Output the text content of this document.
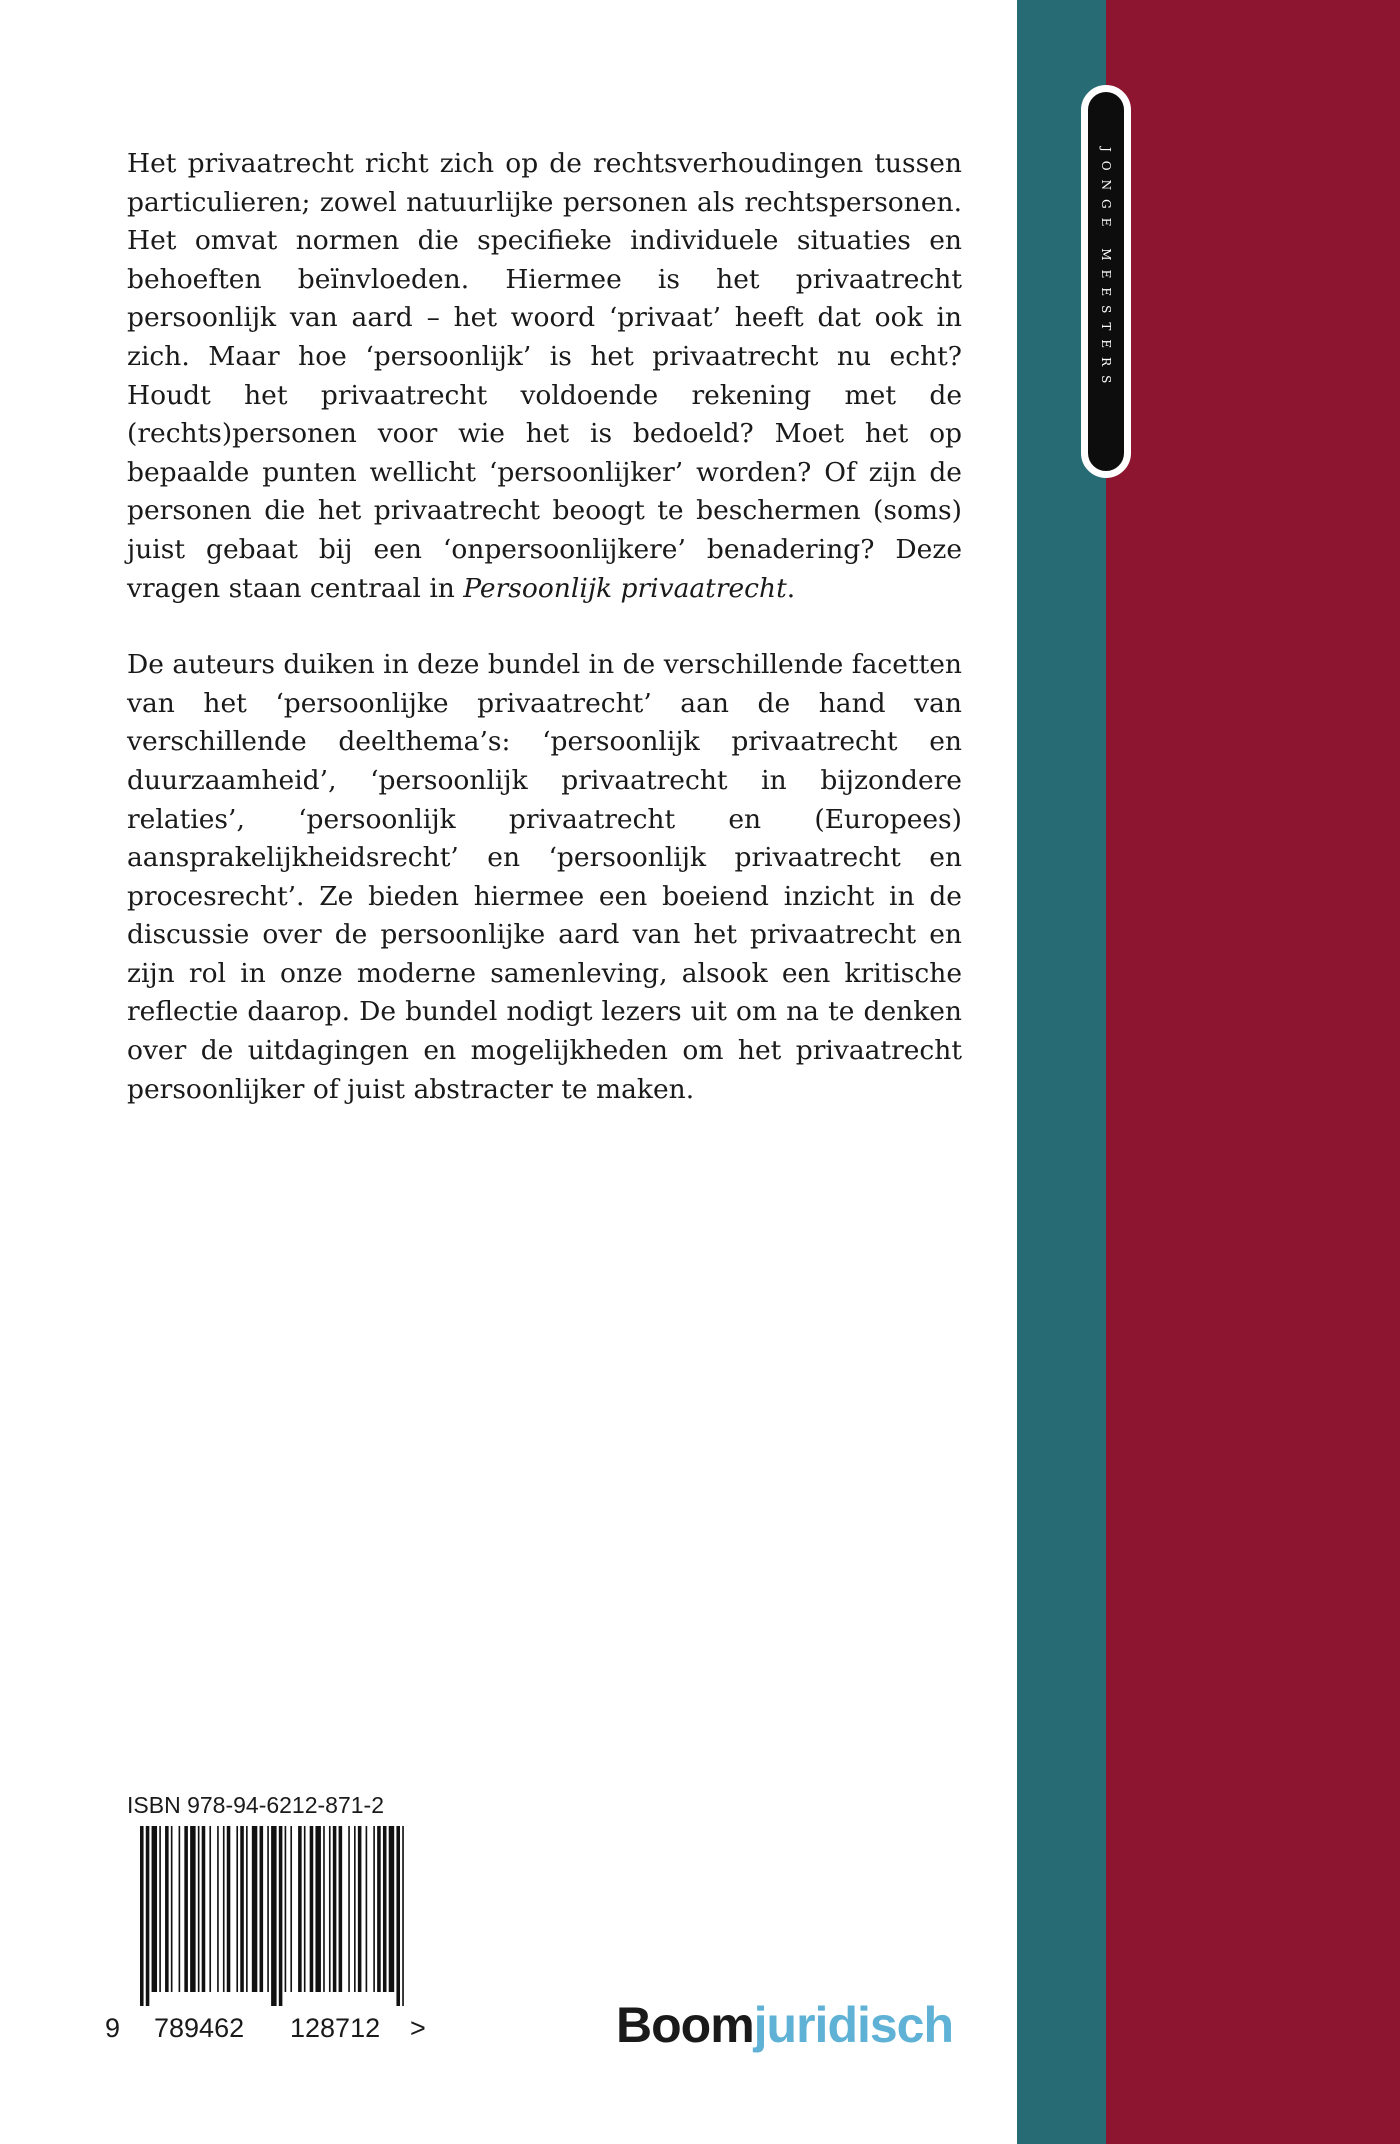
JONGE MEESTERS

Het privaatrecht richt zich op de rechtsverhoudingen tussen particulieren; zowel natuurlijke personen als rechtspersonen. Het omvat normen die specifieke individuele situaties en behoeften beïnvloeden. Hiermee is het privaatrecht persoonlijk van aard – het woord ‘privaat’ heeft dat ook in zich. Maar hoe ‘persoonlijk’ is het privaatrecht nu echt? Houdt het privaatrecht voldoende rekening met de (rechts)personen voor wie het is bedoeld? Moet het op bepaalde punten wellicht ‘persoonlijker’ worden? Of zijn de personen die het privaatrecht beoogt te beschermen (soms) juist gebaat bij een ‘onpersoonlijkere’ benadering? Deze vragen staan centraal in Persoonlijk privaatrecht.

De auteurs duiken in deze bundel in de verschillende facetten van het ‘persoonlijke privaatrecht’ aan de hand van verschillende deelthema’s: ‘persoonlijk privaatrecht en duurzaamheid’, ‘persoonlijk privaatrecht in bijzondere relaties’, ‘persoonlijk privaatrecht en (Europees) aansprakelijkheidsrecht’ en ‘persoonlijk privaatrecht en procesrecht’. Ze bieden hiermee een boeiend inzicht in de discussie over de persoonlijke aard van het privaatrecht en zijn rol in onze moderne samenleving, alsook een kritische reflectie daarop. De bundel nodigt lezers uit om na te denken over de uitdagingen en mogelijkheden om het privaatrecht persoonlijker of juist abstracter te maken.

ISBN 978-94-6212-871-2
9 789462 128712 >	Boomjuridisch
